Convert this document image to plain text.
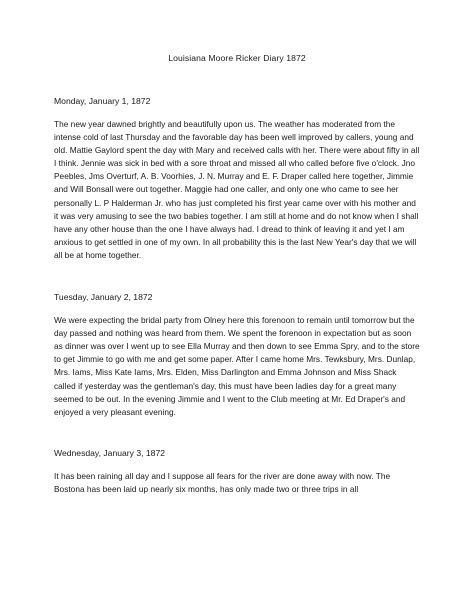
Louisiana Moore Ricker Diary 1872
Monday, January 1, 1872

The new year dawned brightly and beautifully upon us. The weather has moderated from the intense cold of last Thursday and the favorable day has been well improved by callers, young and old. Mattie Gaylord spent the day with Mary and received calls with her. There were about fifty in all I think. Jennie was sick in bed with a sore throat and missed all who called before five o'clock. Jno Peebles, Jms Overturf, A. B. Voorhies, J. N. Murray and E. F. Draper called here together, Jimmie and Will Bonsall were out together. Maggie had one caller, and only one who came to see her personally L. P Halderman Jr. who has just completed his first year came over with his mother and it was very amusing to see the two babies together. I am still at home and do not know when I shall have any other house than the one I have always had. I dread to think of leaving it and yet I am anxious to get settled in one of my own. In all probability this is the last New Year's day that we will all be at home together.

Tuesday, January 2, 1872

We were expecting the bridal party from Olney here this forenoon to remain until tomorrow but the day passed and nothing was heard from them. We spent the forenoon in expectation but as soon as dinner was over I went up to see Ella Murray and then down to see Emma Spry, and to the store to get Jimmie to go with me and get some paper. After I came home Mrs. Tewksbury, Mrs. Dunlap, Mrs. Iams, Miss Kate Iams, Mrs. Elden, Miss Darlington and Emma Johnson and Miss Shack called if yesterday was the gentleman's day, this must have been ladies day for a great many seemed to be out. In the evening Jimmie and I went to the Club meeting at Mr. Ed Draper's and enjoyed a very pleasant evening.

Wednesday, January 3, 1872

It has been raining all day and I suppose all fears for the river are done away with now. The Bostona has been laid up nearly six months, has only made two or three trips in all
